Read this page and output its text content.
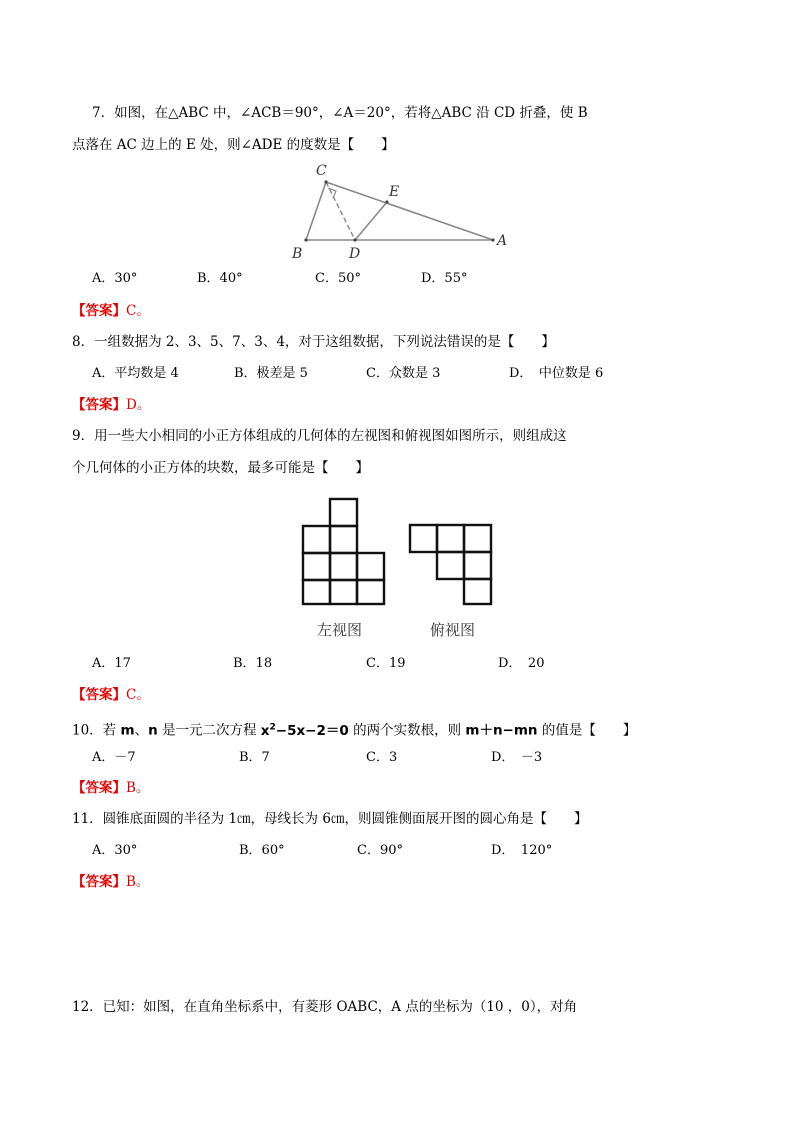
7．如图，在△ABC 中，∠ACB＝90°，∠A＝20°，若将△ABC 沿 CD 折叠，使 B
点落在 AC 边上的 E 处，则∠ADE 的度数是【　　】
C
E
B	D
A
A．30°	B．40°	C．50°	D．55°
【答案】C。
8．一组数据为 2、3、5、7、3、4，对于这组数据，下列说法错误的是【　　】
A．平均数是 4	B．极差是 5	C．众数是 3	D．　中位数是 6
【答案】D。
9．用一些大小相同的小正方体组成的几何体的左视图和俯视图如图所示，则组成这
个几何体的小正方体的块数，最多可能是【　　】
左视图	俯视图
A．17	B．18	C．19	D．　20
【答案】C。
10．若 m、n 是一元二次方程 $x^2-5x-2=0$ 的两个实数根，则 m＋n−mn 的值是【　　】
A．－7	B．7	C．3	D．　－3
【答案】B。
11．圆锥底面圆的半径为 1㎝，母线长为 6㎝，则圆锥侧面展开图的圆心角是【　　】
A．30°	B．60°	C．90°	D．　120°
【答案】B。
12．已知：如图，在直角坐标系中，有菱形 OABC，A 点的坐标为（10 ，0），对角
